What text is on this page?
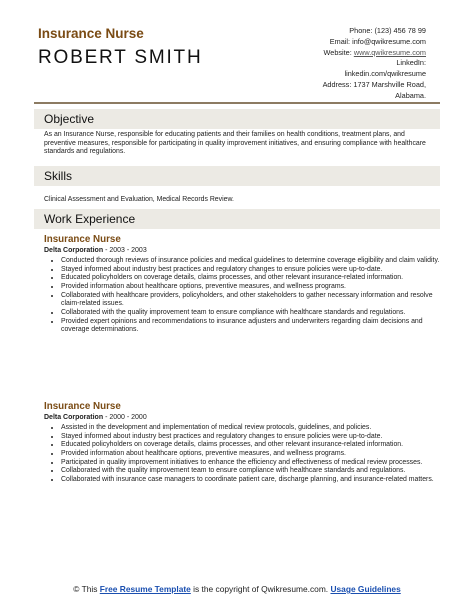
Insurance Nurse
ROBERT SMITH
Phone: (123) 456 78 99
Email: info@qwikresume.com
Website: www.qwikresume.com
LinkedIn:
linkedin.com/qwikresume
Address: 1737 Marshville Road,
Alabama.
Objective
As an Insurance Nurse, responsible for educating patients and their families on health conditions, treatment plans, and preventive measures, responsible for participating in quality improvement initiatives, and ensuring compliance with healthcare standards and regulations.
Skills
Clinical Assessment and Evaluation, Medical Records Review.
Work Experience
Insurance Nurse
Delta Corporation - 2003 - 2003
• Conducted thorough reviews of insurance policies and medical guidelines to determine coverage eligibility and claim validity.
• Stayed informed about industry best practices and regulatory changes to ensure policies were up-to-date.
• Educated policyholders on coverage details, claims processes, and other relevant insurance-related information.
• Provided information about healthcare options, preventive measures, and wellness programs.
• Collaborated with healthcare providers, policyholders, and other stakeholders to gather necessary information and resolve claim-related issues.
• Collaborated with the quality improvement team to ensure compliance with healthcare standards and regulations.
• Provided expert opinions and recommendations to insurance adjusters and underwriters regarding claim decisions and coverage determinations.
Insurance Nurse
Delta Corporation - 2000 - 2000
• Assisted in the development and implementation of medical review protocols, guidelines, and policies.
• Stayed informed about industry best practices and regulatory changes to ensure policies were up-to-date.
• Educated policyholders on coverage details, claims processes, and other relevant insurance-related information.
• Provided information about healthcare options, preventive measures, and wellness programs.
• Participated in quality improvement initiatives to enhance the efficiency and effectiveness of medical review processes.
• Collaborated with the quality improvement team to ensure compliance with healthcare standards and regulations.
• Collaborated with insurance case managers to coordinate patient care, discharge planning, and insurance-related matters.
© This Free Resume Template is the copyright of Qwikresume.com. Usage Guidelines
